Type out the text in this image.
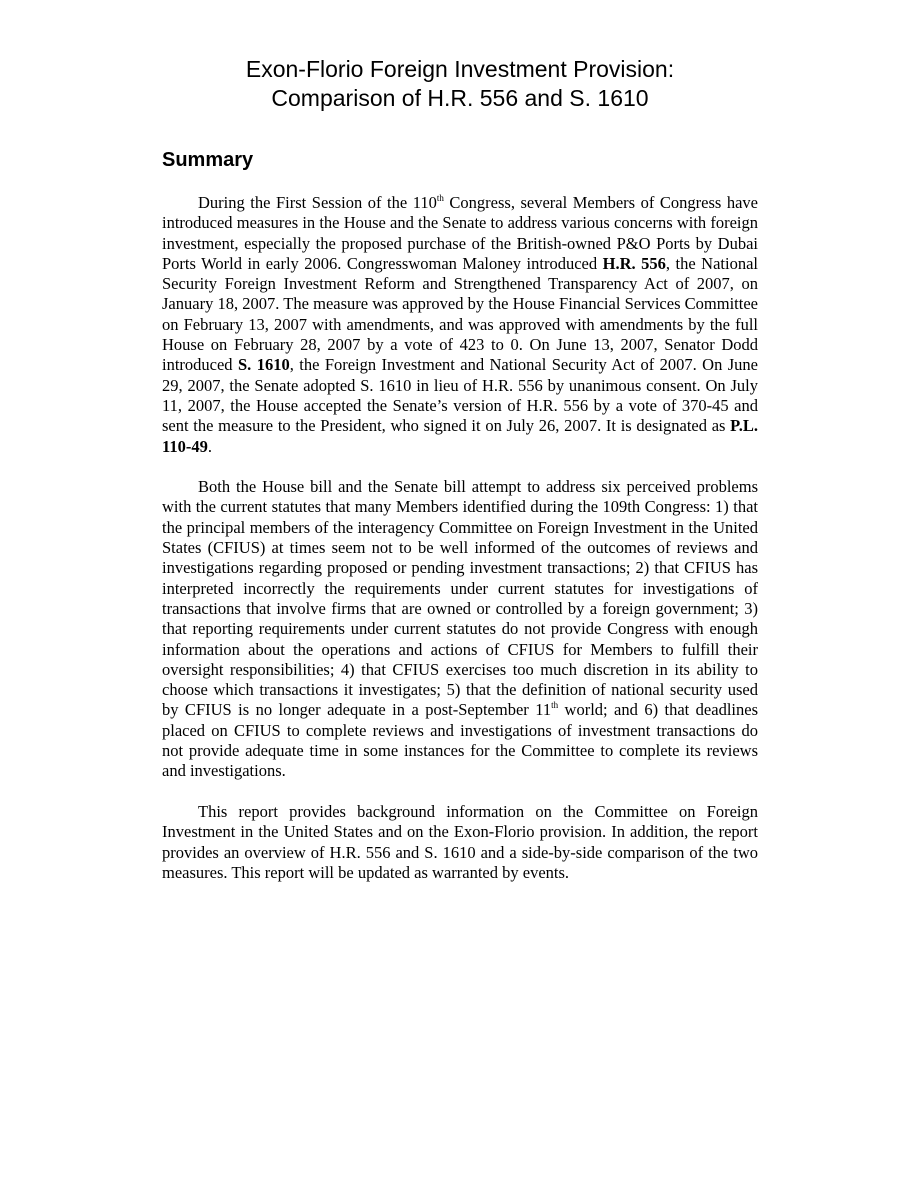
Exon-Florio Foreign Investment Provision:
Comparison of H.R. 556 and S. 1610
Summary

During the First Session of the 110th Congress, several Members of Congress have introduced measures in the House and the Senate to address various concerns with foreign investment, especially the proposed purchase of the British-owned P&O Ports by Dubai Ports World in early 2006. Congresswoman Maloney introduced H.R. 556, the National Security Foreign Investment Reform and Strengthened Transparency Act of 2007, on January 18, 2007. The measure was approved by the House Financial Services Committee on February 13, 2007 with amendments, and was approved with amendments by the full House on February 28, 2007 by a vote of 423 to 0. On June 13, 2007, Senator Dodd introduced S. 1610, the Foreign Investment and National Security Act of 2007. On June 29, 2007, the Senate adopted S. 1610 in lieu of H.R. 556 by unanimous consent. On July 11, 2007, the House accepted the Senate’s version of H.R. 556 by a vote of 370-45 and sent the measure to the President, who signed it on July 26, 2007. It is designated as P.L. 110-49.

Both the House bill and the Senate bill attempt to address six perceived problems with the current statutes that many Members identified during the 109th Congress: 1) that the principal members of the interagency Committee on Foreign Investment in the United States (CFIUS) at times seem not to be well informed of the outcomes of reviews and investigations regarding proposed or pending investment transactions; 2) that CFIUS has interpreted incorrectly the requirements under current statutes for investigations of transactions that involve firms that are owned or controlled by a foreign government; 3) that reporting requirements under current statutes do not provide Congress with enough information about the operations and actions of CFIUS for Members to fulfill their oversight responsibilities; 4) that CFIUS exercises too much discretion in its ability to choose which transactions it investigates; 5) that the definition of national security used by CFIUS is no longer adequate in a post-September 11th world; and 6) that deadlines placed on CFIUS to complete reviews and investigations of investment transactions do not provide adequate time in some instances for the Committee to complete its reviews and investigations.

This report provides background information on the Committee on Foreign Investment in the United States and on the Exon-Florio provision. In addition, the report provides an overview of H.R. 556 and S. 1610 and a side-by-side comparison of the two measures. This report will be updated as warranted by events.
